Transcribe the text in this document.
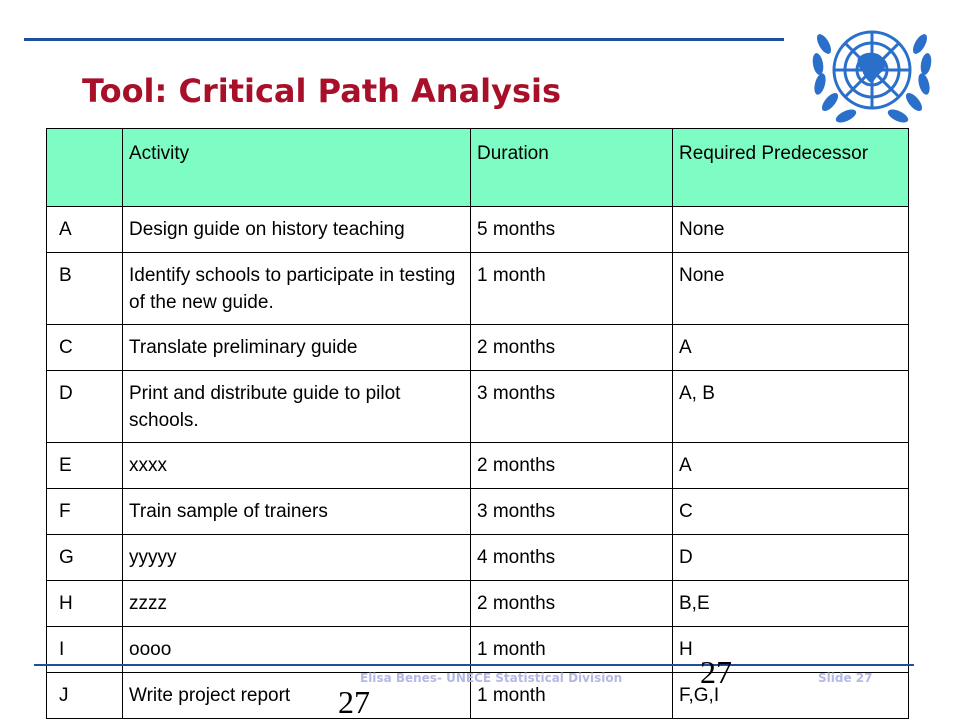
Tool: Critical Path Analysis
	Activity	Duration	Required Predecessor
A	Design guide on history teaching	5 months	None
B	Identify schools to participate in testing of the new guide.	1 month	None
C	Translate preliminary guide	2 months	A
D	Print and distribute guide to pilot schools.	3 months	A, B
E	xxxx	2 months	A
F	Train sample of trainers	3 months	C
G	yyyyy	4 months	D
H	zzzz	2 months	B,E
I	oooo	1 month	H
J	Write project report	1 month	F,G,I
Elisa Benes- UNECE Statistical Division	Slide 27
27
27
